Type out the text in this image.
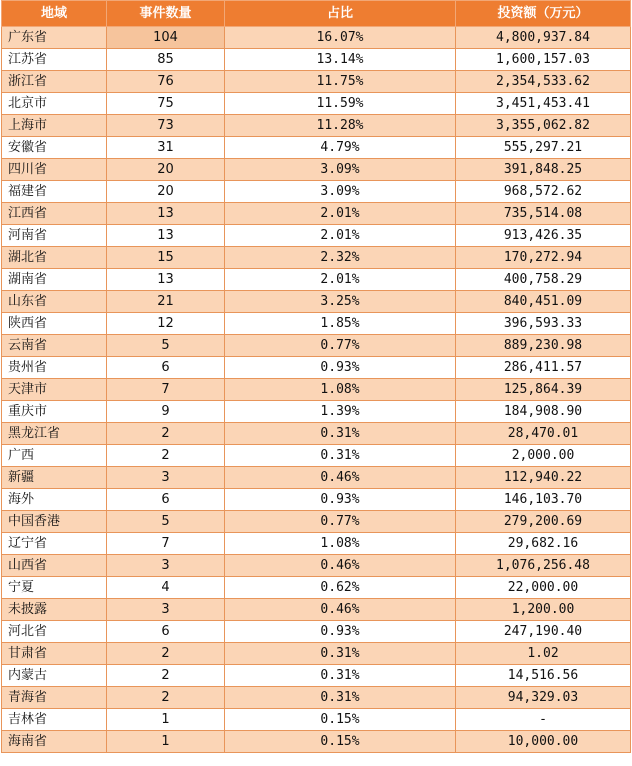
地域	事件数量	占比	投资额（万元）
广东省	104	16.07%	4,800,937.84
江苏省	85	13.14%	1,600,157.03
浙江省	76	11.75%	2,354,533.62
北京市	75	11.59%	3,451,453.41
上海市	73	11.28%	3,355,062.82
安徽省	31	4.79%	555,297.21
四川省	20	3.09%	391,848.25
福建省	20	3.09%	968,572.62
江西省	13	2.01%	735,514.08
河南省	13	2.01%	913,426.35
湖北省	15	2.32%	170,272.94
湖南省	13	2.01%	400,758.29
山东省	21	3.25%	840,451.09
陕西省	12	1.85%	396,593.33
云南省	5	0.77%	889,230.98
贵州省	6	0.93%	286,411.57
天津市	7	1.08%	125,864.39
重庆市	9	1.39%	184,908.90
黑龙江省	2	0.31%	28,470.01
广西	2	0.31%	2,000.00
新疆	3	0.46%	112,940.22
海外	6	0.93%	146,103.70
中国香港	5	0.77%	279,200.69
辽宁省	7	1.08%	29,682.16
山西省	3	0.46%	1,076,256.48
宁夏	4	0.62%	22,000.00
未披露	3	0.46%	1,200.00
河北省	6	0.93%	247,190.40
甘肃省	2	0.31%	1.02
内蒙古	2	0.31%	14,516.56
青海省	2	0.31%	94,329.03
吉林省	1	0.15%	-
海南省	1	0.15%	10,000.00
